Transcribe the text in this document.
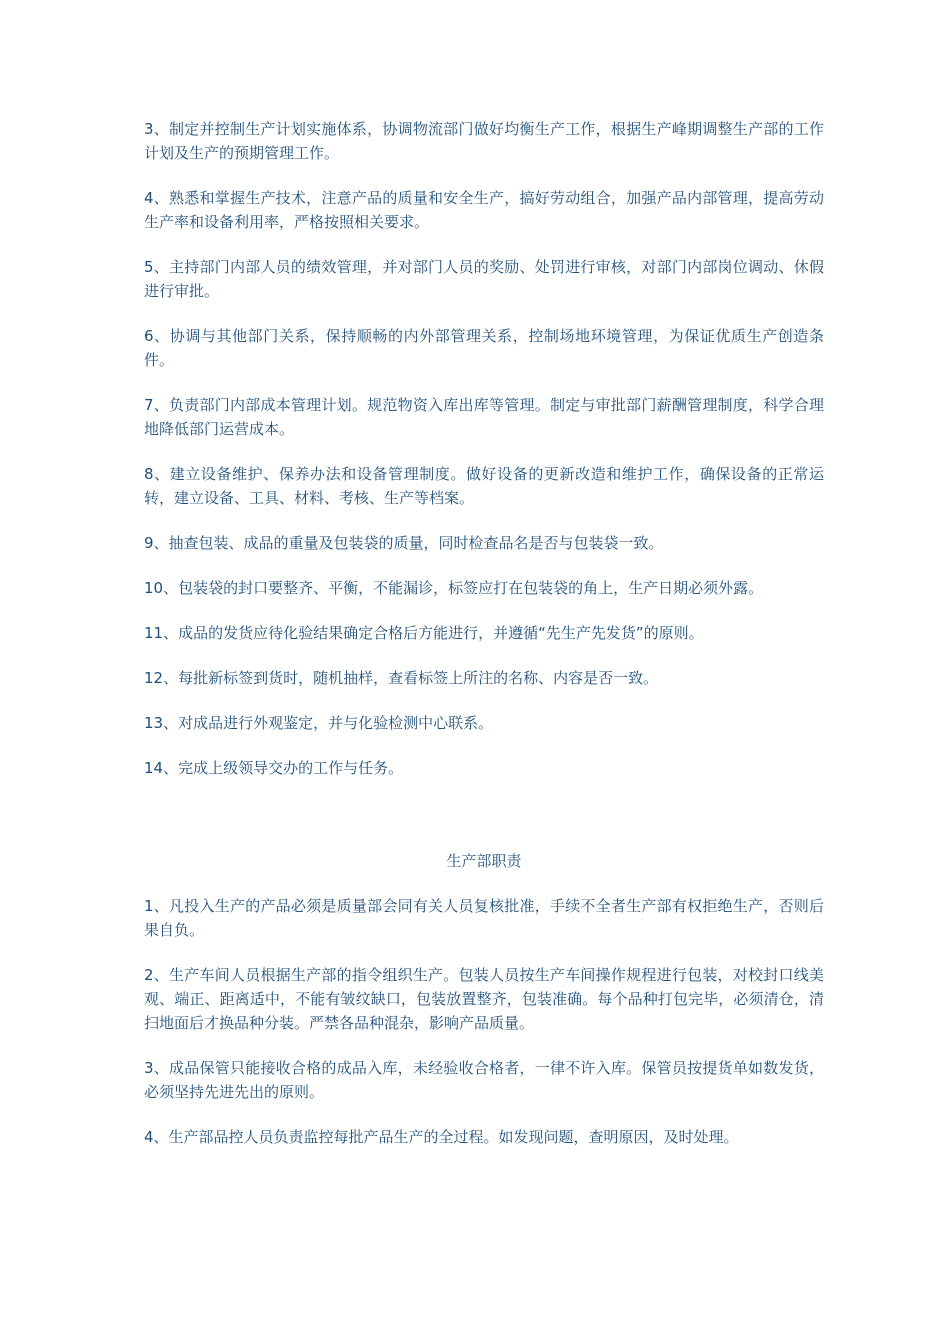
3、制定并控制生产计划实施体系，协调物流部门做好均衡生产工作，根据生产峰期调整生产部的工作计划及生产的预期管理工作。

4、熟悉和掌握生产技术，注意产品的质量和安全生产，搞好劳动组合，加强产品内部管理，提高劳动生产率和设备利用率，严格按照相关要求。

5、主持部门内部人员的绩效管理，并对部门人员的奖励、处罚进行审核，对部门内部岗位调动、休假进行审批。

6、协调与其他部门关系，保持顺畅的内外部管理关系，控制场地环境管理，为保证优质生产创造条件。

7、负责部门内部成本管理计划。规范物资入库出库等管理。制定与审批部门薪酬管理制度，科学合理地降低部门运营成本。

8、建立设备维护、保养办法和设备管理制度。做好设备的更新改造和维护工作，确保设备的正常运转，建立设备、工具、材料、考核、生产等档案。

9、抽查包装、成品的重量及包装袋的质量，同时检查品名是否与包装袋一致。

10、包装袋的封口要整齐、平衡，不能漏诊，标签应打在包装袋的角上，生产日期必须外露。

11、成品的发货应待化验结果确定合格后方能进行，并遵循“先生产先发货”的原则。

12、每批新标签到货时，随机抽样，查看标签上所注的名称、内容是否一致。

13、对成品进行外观鉴定，并与化验检测中心联系。

14、完成上级领导交办的工作与任务。

生产部职责

1、凡投入生产的产品必须是质量部会同有关人员复核批准，手续不全者生产部有权拒绝生产，否则后果自负。

2、生产车间人员根据生产部的指令组织生产。包装人员按生产车间操作规程进行包装，对校封口线美观、端正、距离适中，不能有皱纹缺口，包装放置整齐，包装准确。每个品种打包完毕，必须清仓，清扫地面后才换品种分装。严禁各品种混杂，影响产品质量。

3、成品保管只能接收合格的成品入库，未经验收合格者，一律不许入库。保管员按提货单如数发货，必须坚持先进先出的原则。

4、生产部品控人员负责监控每批产品生产的全过程。如发现问题，查明原因，及时处理。
